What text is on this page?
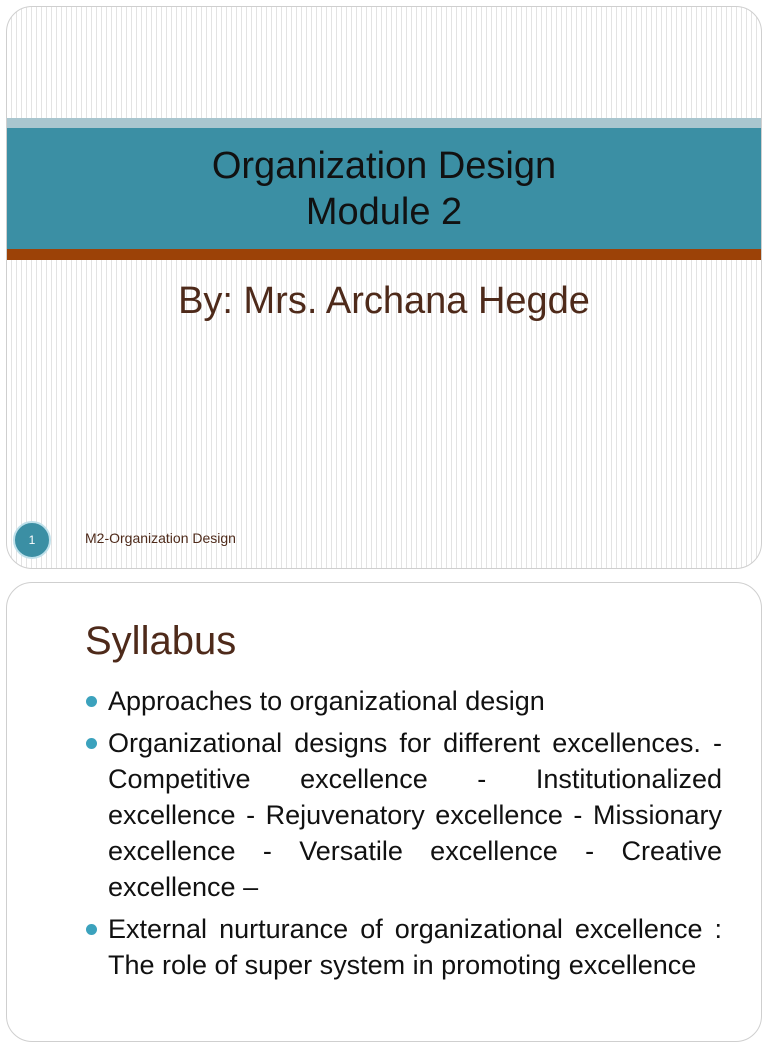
Organization Design
Module 2
By: Mrs. Archana Hegde
1	M2-Organization Design
Syllabus
Approaches to organizational design
Organizational designs for different excellences. - Competitive excellence - Institutionalized excellence - Rejuvenatory excellence - Missionary excellence - Versatile excellence - Creative excellence –
External nurturance of organizational excellence : The role of super system in promoting excellence
